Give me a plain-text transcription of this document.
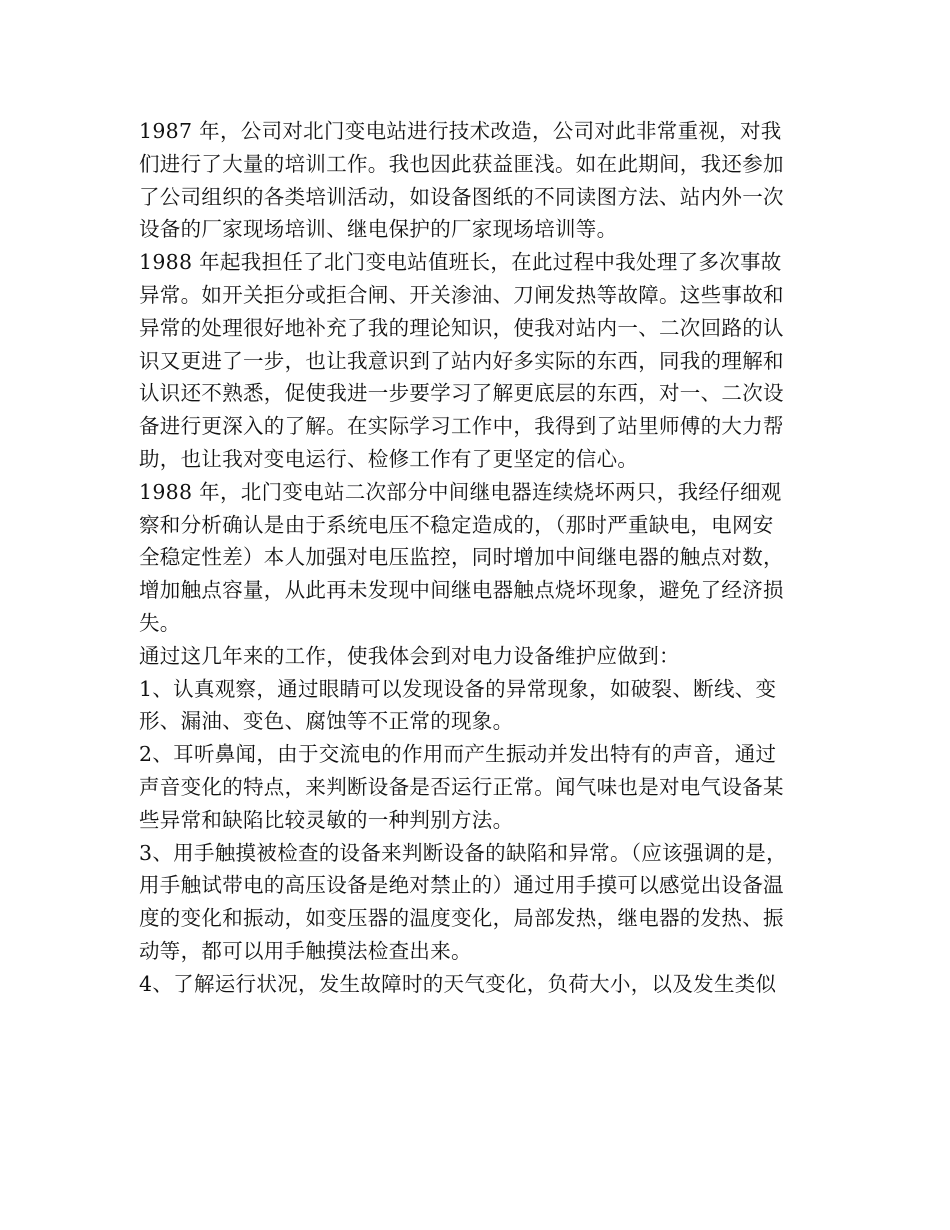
1987 年，公司对北门变电站进行技术改造，公司对此非常重视，对我
们进行了大量的培训工作。我也因此获益匪浅。如在此期间，我还参加
了公司组织的各类培训活动，如设备图纸的不同读图方法、站内外一次
设备的厂家现场培训、继电保护的厂家现场培训等。
1988 年起我担任了北门变电站值班长，在此过程中我处理了多次事故
异常。如开关拒分或拒合闸、开关渗油、刀闸发热等故障。这些事故和
异常的处理很好地补充了我的理论知识，使我对站内一、二次回路的认
识又更进了一步，也让我意识到了站内好多实际的东西，同我的理解和
认识还不熟悉，促使我进一步要学习了解更底层的东西，对一、二次设
备进行更深入的了解。在实际学习工作中，我得到了站里师傅的大力帮
助，也让我对变电运行、检修工作有了更坚定的信心。
1988 年，北门变电站二次部分中间继电器连续烧坏两只，我经仔细观
察和分析确认是由于系统电压不稳定造成的，（那时严重缺电，电网安
全稳定性差）本人加强对电压监控，同时增加中间继电器的触点对数，
增加触点容量，从此再未发现中间继电器触点烧坏现象，避免了经济损
失。
通过这几年来的工作，使我体会到对电力设备维护应做到：
1、认真观察，通过眼睛可以发现设备的异常现象，如破裂、断线、变
形、漏油、变色、腐蚀等不正常的现象。
2、耳听鼻闻，由于交流电的作用而产生振动并发出特有的声音，通过
声音变化的特点，来判断设备是否运行正常。闻气味也是对电气设备某
些异常和缺陷比较灵敏的一种判别方法。
3、用手触摸被检查的设备来判断设备的缺陷和异常。（应该强调的是，
用手触试带电的高压设备是绝对禁止的）通过用手摸可以感觉出设备温
度的变化和振动，如变压器的温度变化，局部发热，继电器的发热、振
动等，都可以用手触摸法检查出来。
4、了解运行状况，发生故障时的天气变化，负荷大小，以及发生类似
